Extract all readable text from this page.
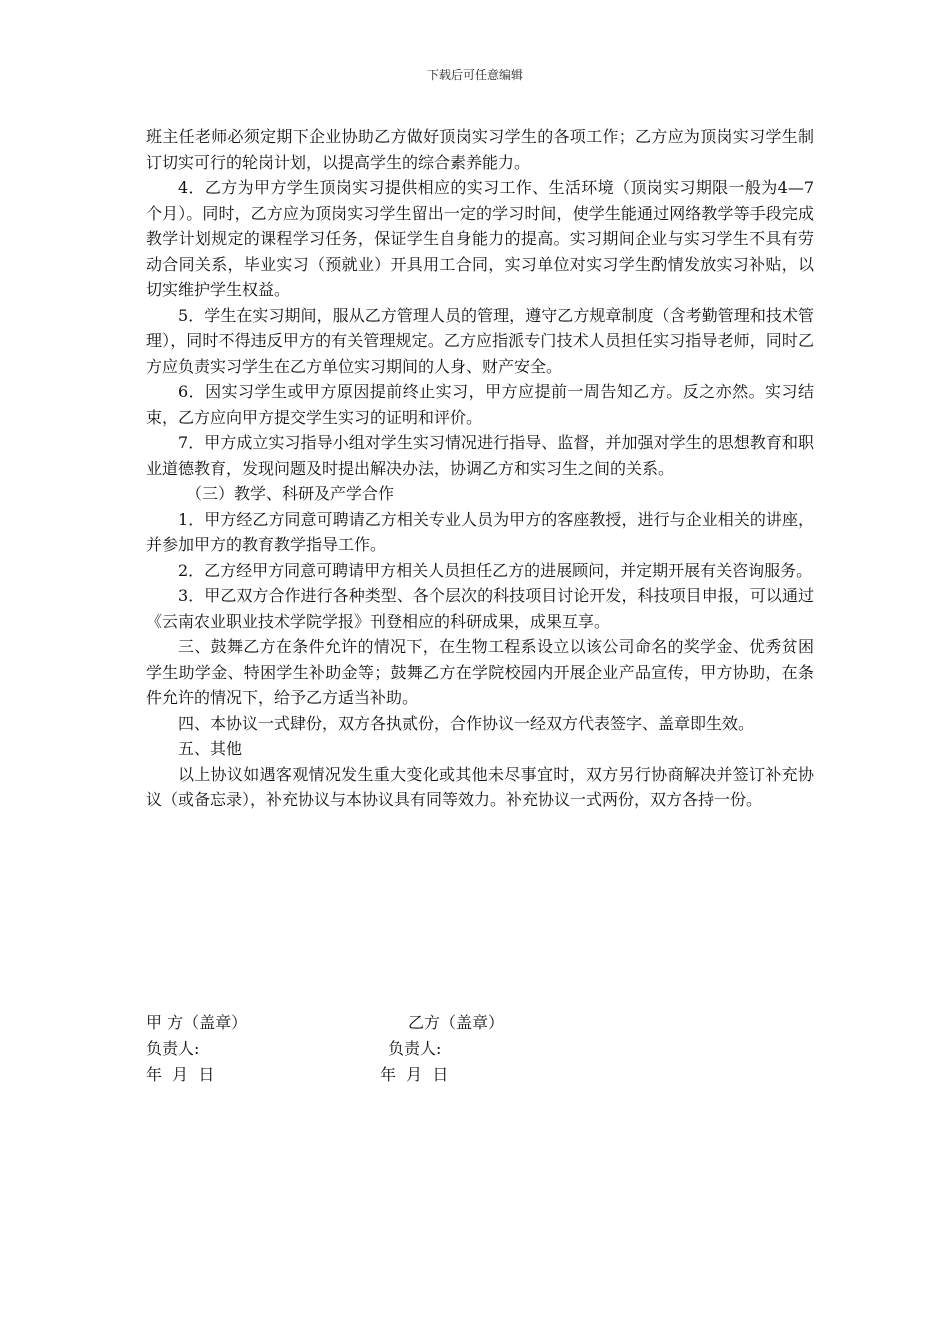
下载后可任意编辑

班主任老师必须定期下企业协助乙方做好顶岗实习学生的各项工作；乙方应为顶岗实习学生制订切实可行的轮岗计划，以提高学生的综合素养能力。

4．乙方为甲方学生顶岗实习提供相应的实习工作、生活环境（顶岗实习期限一般为4—7个月）。同时，乙方应为顶岗实习学生留出一定的学习时间，使学生能通过网络教学等手段完成教学计划规定的课程学习任务，保证学生自身能力的提高。实习期间企业与实习学生不具有劳动合同关系，毕业实习（预就业）开具用工合同，实习单位对实习学生酌情发放实习补贴，以切实维护学生权益。

5．学生在实习期间，服从乙方管理人员的管理，遵守乙方规章制度（含考勤管理和技术管理），同时不得违反甲方的有关管理规定。乙方应指派专门技术人员担任实习指导老师，同时乙方应负责实习学生在乙方单位实习期间的人身、财产安全。

6．因实习学生或甲方原因提前终止实习，甲方应提前一周告知乙方。反之亦然。实习结束，乙方应向甲方提交学生实习的证明和评价。

7．甲方成立实习指导小组对学生实习情况进行指导、监督，并加强对学生的思想教育和职业道德教育，发现问题及时提出解决办法，协调乙方和实习生之间的关系。

（三）教学、科研及产学合作

1．甲方经乙方同意可聘请乙方相关专业人员为甲方的客座教授，进行与企业相关的讲座，并参加甲方的教育教学指导工作。

2．乙方经甲方同意可聘请甲方相关人员担任乙方的进展顾问，并定期开展有关咨询服务。

3．甲乙双方合作进行各种类型、各个层次的科技项目讨论开发，科技项目申报，可以通过《云南农业职业技术学院学报》刊登相应的科研成果，成果互享。

三、鼓舞乙方在条件允许的情况下，在生物工程系设立以该公司命名的奖学金、优秀贫困学生助学金、特困学生补助金等；鼓舞乙方在学院校园内开展企业产品宣传，甲方协助，在条件允许的情况下，给予乙方适当补助。

四、本协议一式肆份，双方各执贰份，合作协议一经双方代表签字、盖章即生效。

五、其他

以上协议如遇客观情况发生重大变化或其他未尽事宜时，双方另行协商解决并签订补充协议（或备忘录），补充协议与本协议具有同等效力。补充协议一式两份，双方各持一份。

甲 方（盖章）	乙方（盖章）
负责人:	负责人:
年  月  日	年  月  日
